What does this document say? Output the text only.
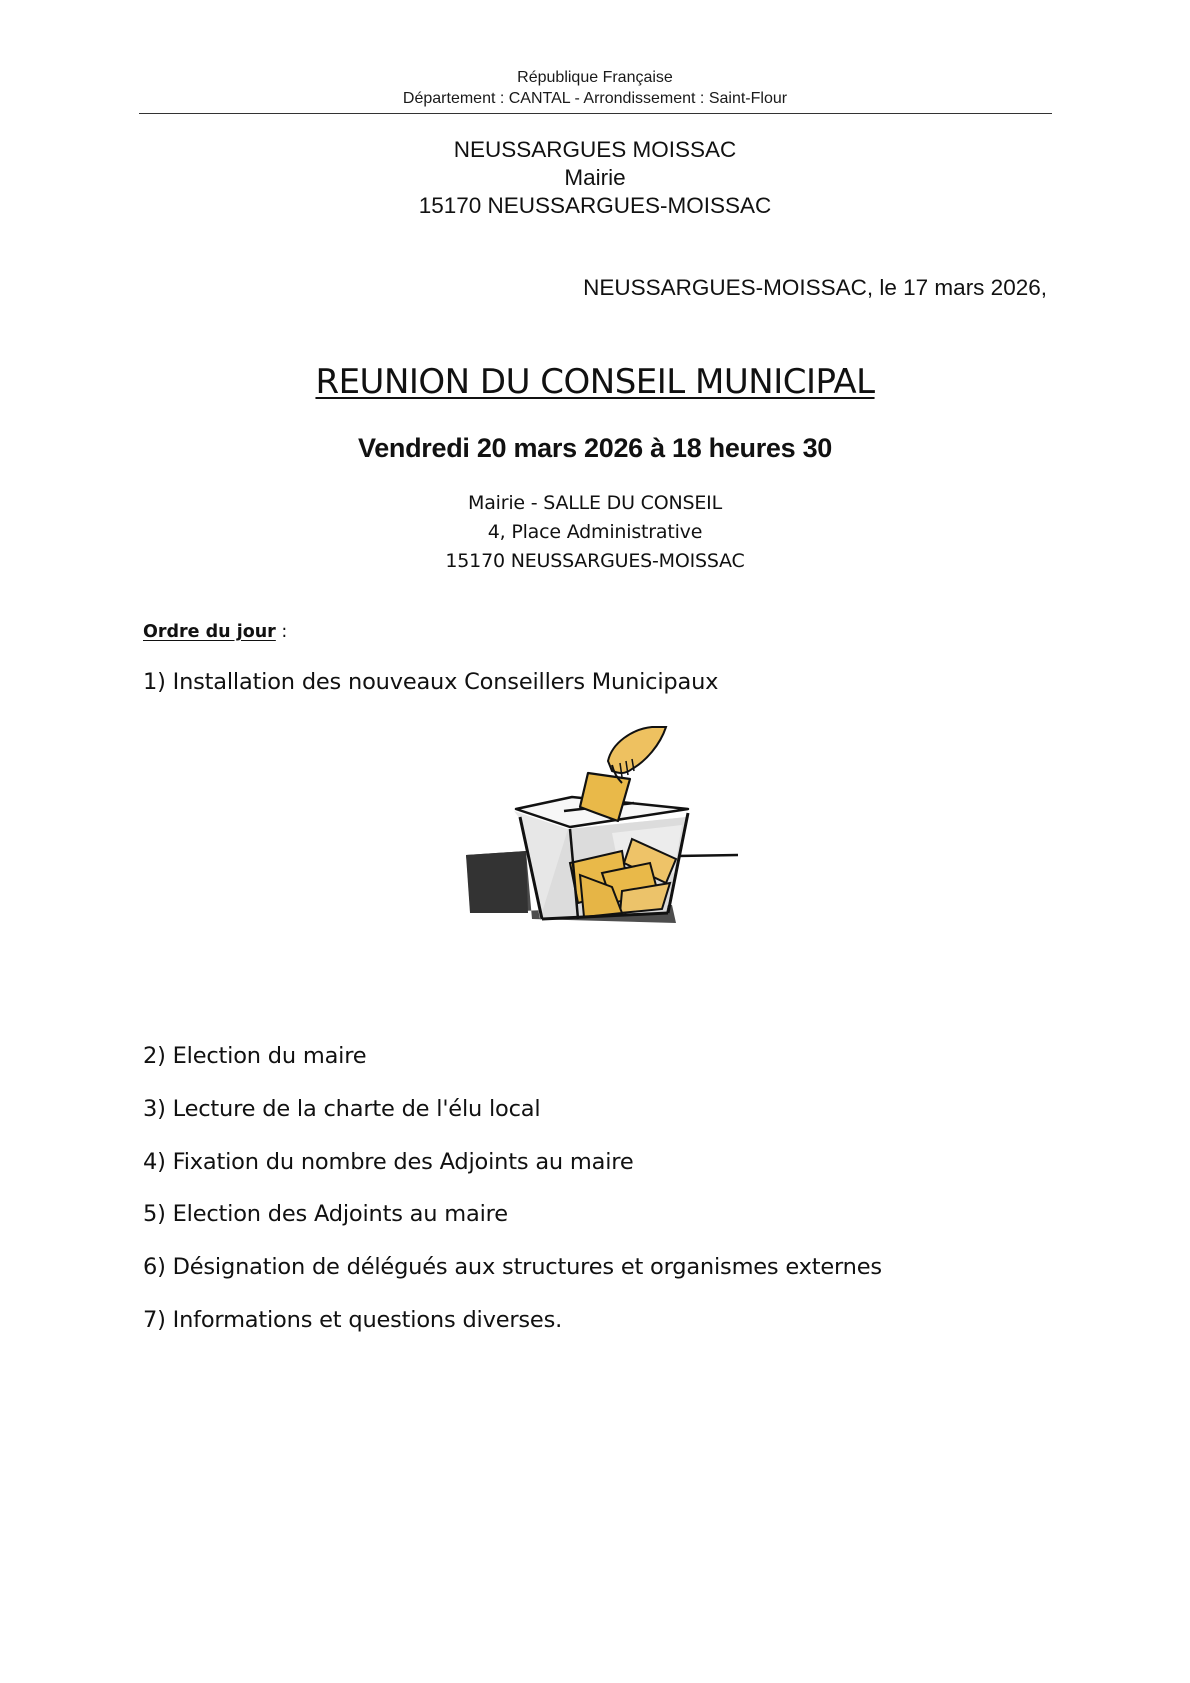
République Française
Département : CANTAL - Arrondissement : Saint-Flour
NEUSSARGUES MOISSAC
Mairie
15170 NEUSSARGUES-MOISSAC
NEUSSARGUES-MOISSAC, le 17 mars 2026,
REUNION DU CONSEIL MUNICIPAL
Vendredi 20 mars 2026 à 18 heures 30
Mairie - SALLE DU CONSEIL
4, Place Administrative
15170 NEUSSARGUES-MOISSAC
Ordre du jour :
1) Installation des nouveaux Conseillers Municipaux
2) Election du maire
3) Lecture de la charte de l'élu local
4) Fixation du nombre des Adjoints au maire
5) Election des Adjoints au maire
6) Désignation de délégués aux structures et organismes externes
7) Informations et questions diverses.
